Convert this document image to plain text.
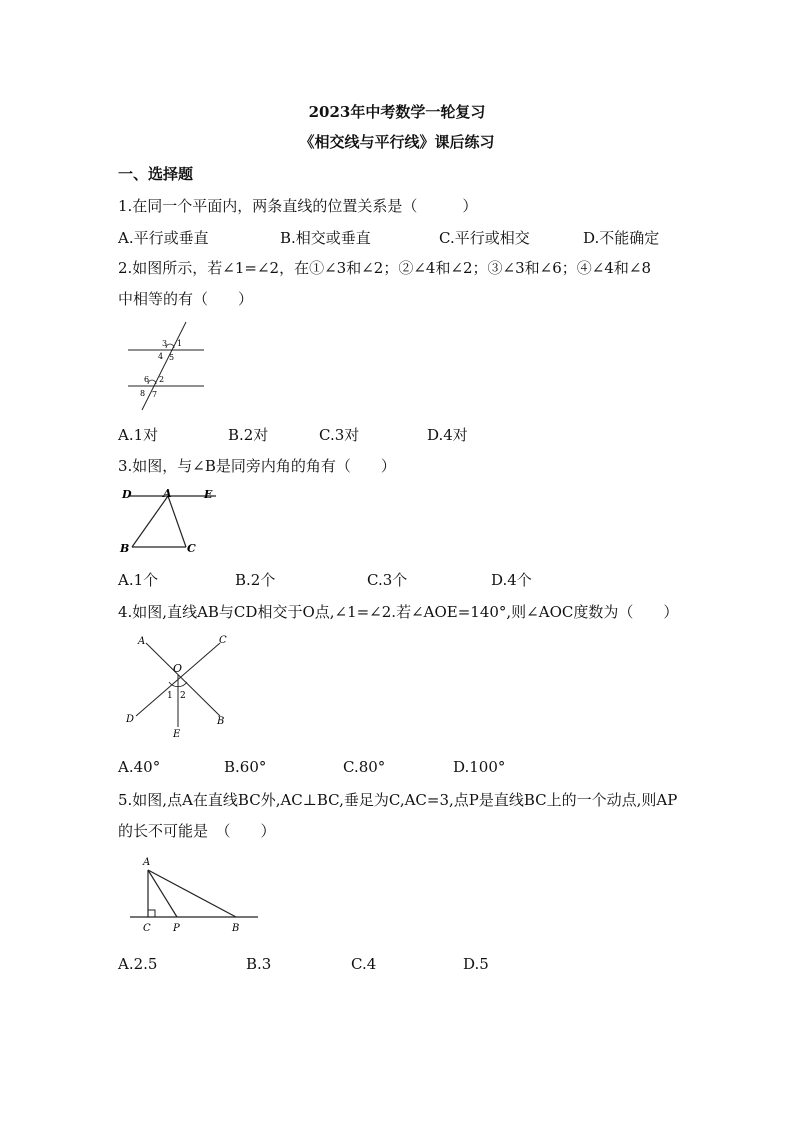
2023年中考数学一轮复习
《相交线与平行线》课后练习
一、选择题
1.在同一个平面内，两条直线的位置关系是（　　　）
A.平行或垂直	B.相交或垂直	C.平行或相交	D.不能确定
2.如图所示，若∠1=∠2，在①∠3和∠2；②∠4和∠2；③∠3和∠6；④∠4和∠8
中相等的有（　　）
3 1
4 5
6 2
8 7
A.1对	B.2对	C.3对	D.4对
3.如图，与∠B是同旁内角的角有（　　）
D	A	E
B	C
A.1个	B.2个	C.3个	D.4个
4.如图,直线AB与CD相交于O点,∠1=∠2.若∠AOE=140°,则∠AOC度数为（　　）
A	C
O
1 2
D	B
E
A.40°	B.60°	C.80°	D.100°
5.如图,点A在直线BC外,AC⊥BC,垂足为C,AC=3,点P是直线BC上的一个动点,则AP
的长不可能是　（　　）
A
C P	B
A.2.5	B.3	C.4	D.5
